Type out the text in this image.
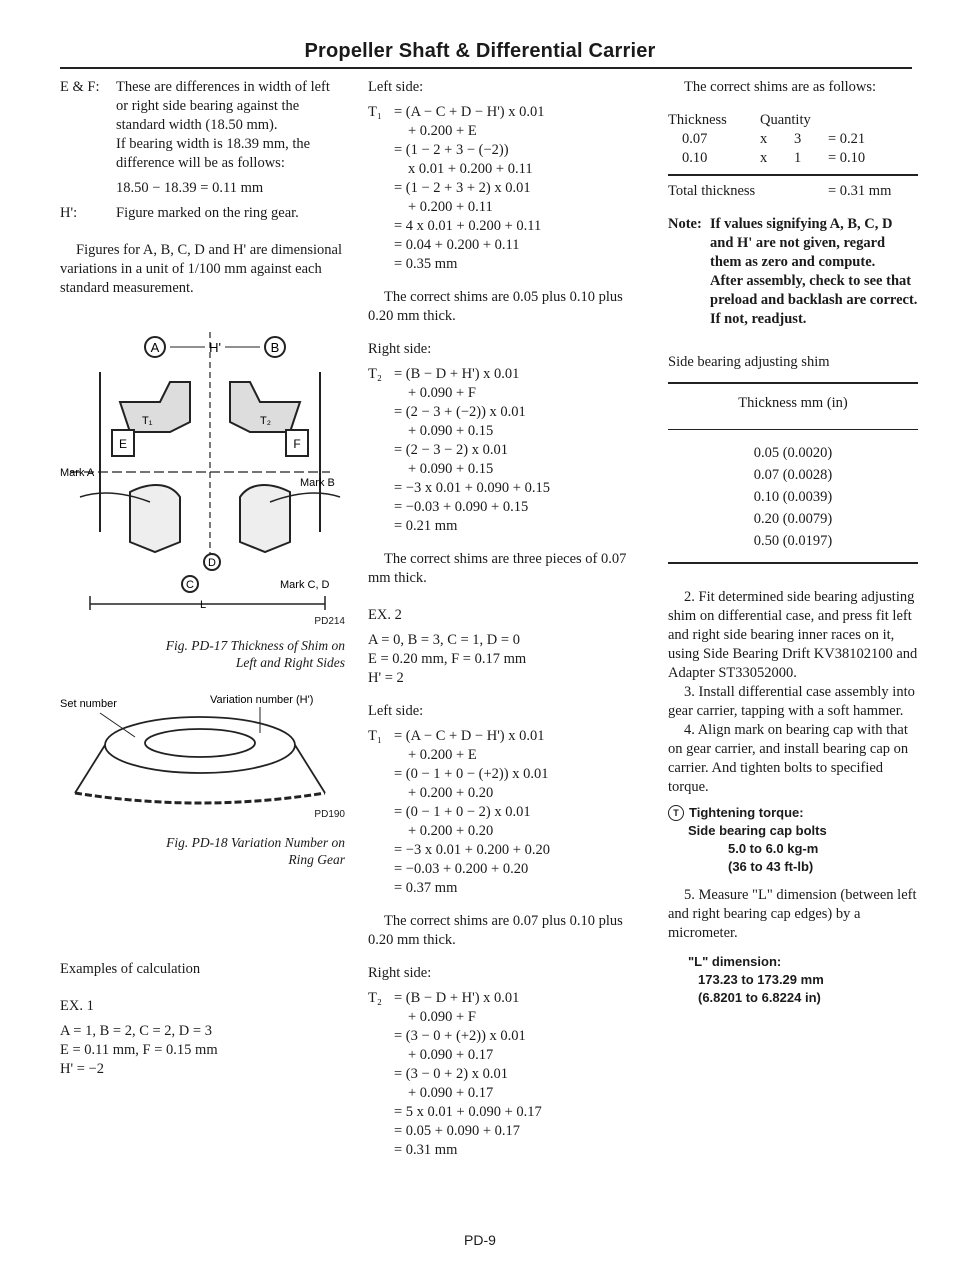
Propeller Shaft & Differential Carrier
E & F:	These are differences in width of left or right side bearing against the standard width (18.50 mm).

If bearing width is 18.39 mm, the difference will be as follows:

18.50 − 18.39 = 0.11 mm

H':	Figure marked on the ring gear.

Figures for A, B, C, D and H' are dimensional variations in a unit of 1/100 mm against each standard measurement.

A	H'	B
T₁	T₂
E	F
Mark A
Mark B
D
C	Mark C, D
L
PD214
Fig. PD-17 Thickness of Shim on
Left and Right Sides
Set number	Variation number (H')
PD190
Fig. PD-18 Variation Number on
Ring Gear

Examples of calculation

EX. 1

A = 1, B = 2, C = 2, D = 3

E = 0.11 mm, F = 0.15 mm

H' = −2

Left side:

T₁ = (A − C + D − H') x 0.01
+ 0.200 + E
= (1 − 2 + 3 − (−2))
x 0.01 + 0.200 + 0.11
= (1 − 2 + 3 + 2) x 0.01
+ 0.200 + 0.11
= 4 x 0.01 + 0.200 + 0.11
= 0.04 + 0.200 + 0.11
= 0.35 mm

The correct shims are 0.05 plus 0.10 plus 0.20 mm thick.

Right side:

T₂ = (B − D + H') x 0.01
+ 0.090 + F
= (2 − 3 + (−2)) x 0.01
+ 0.090 + 0.15
= (2 − 3 − 2) x 0.01
+ 0.090 + 0.15
= −3 x 0.01 + 0.090 + 0.15
= −0.03 + 0.090 + 0.15
= 0.21 mm

The correct shims are three pieces of 0.07 mm thick.

EX. 2

A = 0, B = 3, C = 1, D = 0

E = 0.20 mm, F = 0.17 mm

H' = 2

Left side:

T₁ = (A − C + D − H') x 0.01
+ 0.200 + E
= (0 − 1 + 0 − (+2)) x 0.01
+ 0.200 + 0.20
= (0 − 1 + 0 − 2) x 0.01
+ 0.200 + 0.20
= −3 x 0.01 + 0.200 + 0.20
= −0.03 + 0.200 + 0.20
= 0.37 mm

The correct shims are 0.07 plus 0.10 plus 0.20 mm thick.

Right side:

T₂ = (B − D + H') x 0.01
+ 0.090 + F
= (3 − 0 + (+2)) x 0.01
+ 0.090 + 0.17
= (3 − 0 + 2) x 0.01
+ 0.090 + 0.17
= 5 x 0.01 + 0.090 + 0.17
= 0.05 + 0.090 + 0.17
= 0.31 mm

The correct shims are as follows:

Thickness	Quantity		
0.07	x	3	= 0.21
0.10	x	1	= 0.10
Total thickness	= 0.31 mm
Note: If values signifying A, B, C, D and H' are not given, regard them as zero and compute.

After assembly, check to see that preload and backlash are correct.

If not, readjust.

Side bearing adjusting shim

Thickness mm (in)

0.05 (0.0020)
0.07 (0.0028)
0.10 (0.0039)
0.20 (0.0079)
0.50 (0.0197)

2. Fit determined side bearing adjusting shim on differential case, and press fit left and right side bearing inner races on it, using Side Bearing Drift KV38102100 and Adapter ST33052000.

3. Install differential case assembly into gear carrier, tapping with a soft hammer.

4. Align mark on bearing cap with that on gear carrier, and install bearing cap on carrier. And tighten bolts to specified torque.

T Tightening torque:
Side bearing cap bolts
5.0 to 6.0 kg-m
(36 to 43 ft-lb)

5. Measure "L" dimension (between left and right bearing cap edges) by a micrometer.

"L" dimension:
173.23 to 173.29 mm
(6.8201 to 6.8224 in)
PD-9
